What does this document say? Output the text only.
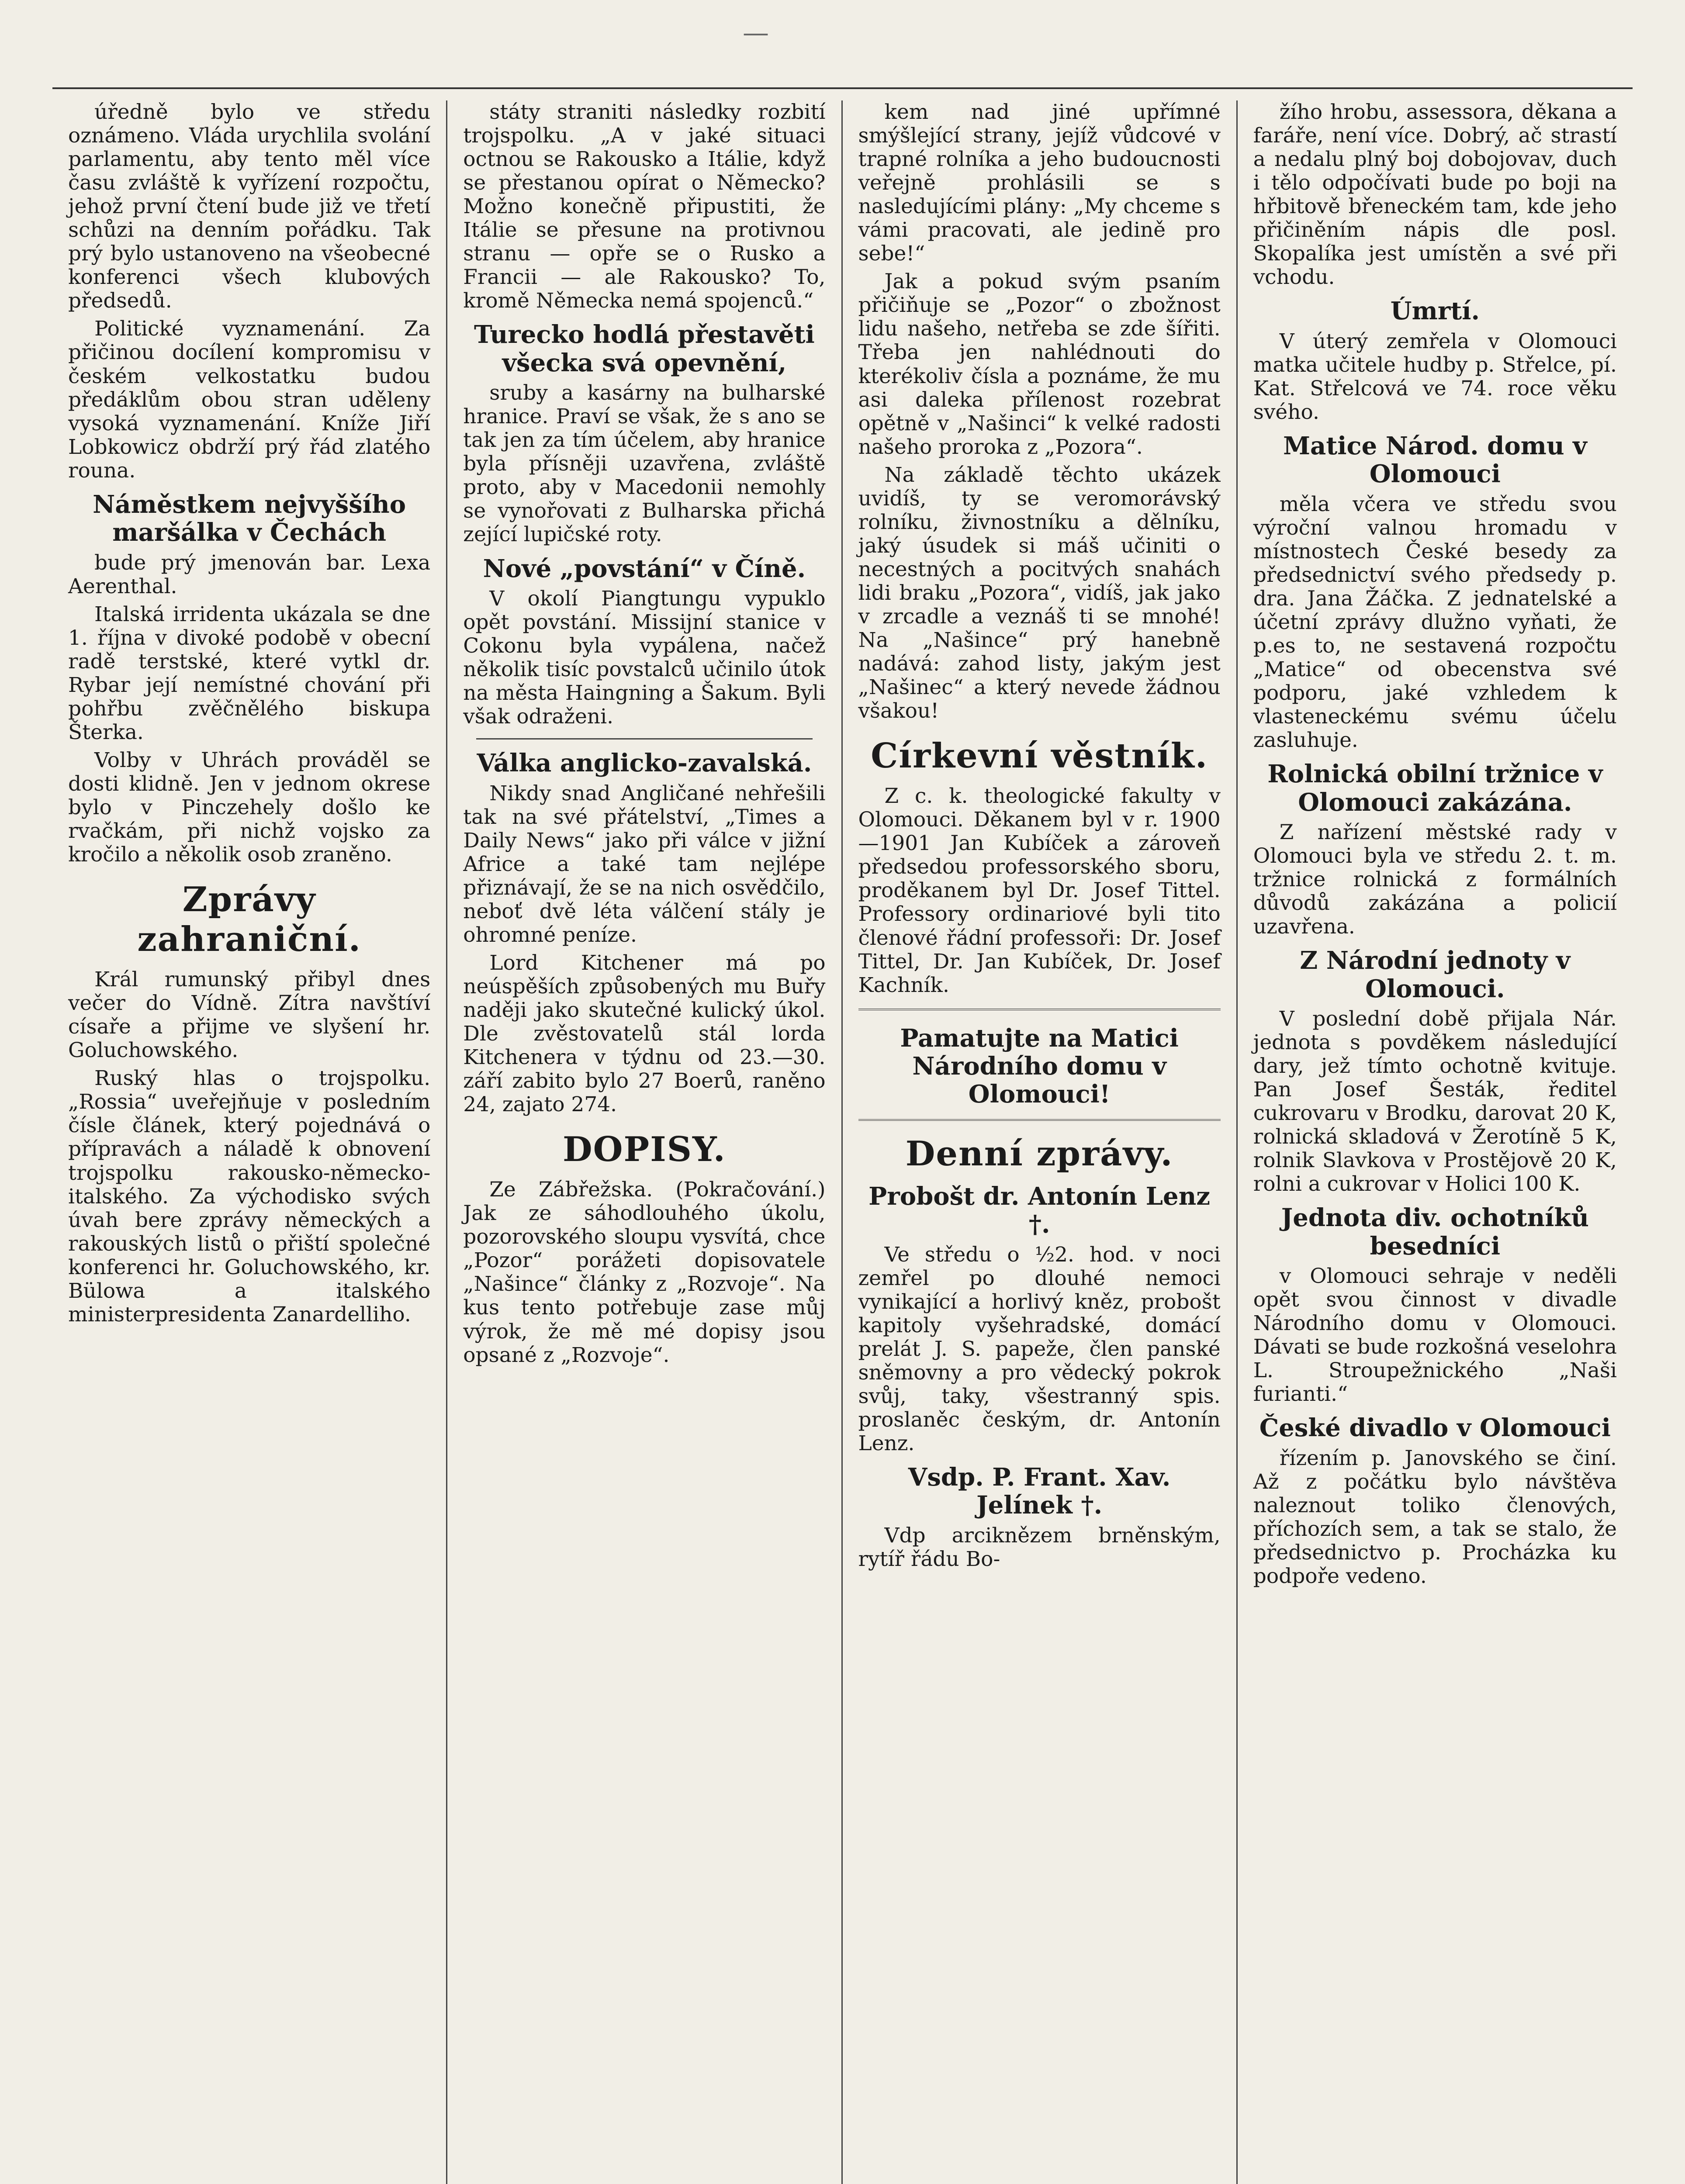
—

úředně bylo ve středu oznámeno. Vláda urychlila svolání parlamentu, aby tento měl více času zvláště k vyřízení rozpočtu, jehož první čtení bude již ve třetí schůzi na denním pořádku. Tak prý bylo ustanoveno na všeobecné konferenci všech klubových předsedů.

Politické vyznamenání. Za přičinou docílení kompromisu v českém velkostatku budou předáklům obou stran uděleny vysoká vyznamenání. Kníže Jiří Lobkowicz obdrží prý řád zlatého rouna.

Náměstkem nejvyššího maršálka v Čechách

bude prý jmenován bar. Lexa Aerenthal.

Italská irridenta ukázala se dne 1. října v divoké podobě v obecní radě terstské, které vytkl dr. Rybar její nemístné chování při pohřbu zvěčnělého biskupa Šterka.

Volby v Uhrách prováděl se dosti klidně. Jen v jednom okrese bylo v Pinczehely došlo ke rvačkám, při nichž vojsko za kročilo a několik osob zraněno.

Zprávy zahraniční.

Král rumunský přibyl dnes večer do Vídně. Zítra navštíví císaře a přijme ve slyšení hr. Goluchowského.

Ruský hlas o trojspolku. „Rossia“ uveřejňuje v posledním čísle článek, který pojednává o přípravách a náladě k obnovení trojspolku rakousko-německo-italského. Za východisko svých úvah bere zprávy německých a rakouských listů o přiští společné konferenci hr. Goluchowského, kr. Bülowa a italského ministerpresidenta Zanardelliho.

státy straniti následky rozbití trojspolku. „A v jaké situaci octnou se Rakousko a Itálie, když se přestanou opírat o Německo? Možno konečně připustiti, že Itálie se přesune na protivnou stranu — opře se o Rusko a Francii — ale Rakousko? To, kromě Německa nemá spojenců.“

Turecko hodlá přestavěti všecka svá opevnění,

sruby a kasárny na bulharské hranice. Praví se však, že s ano se tak jen za tím účelem, aby hranice byla přísněji uzavřena, zvláště proto, aby v Macedonii nemohly se vynořovati z Bulharska přichá zející lupičské roty.

Nové „povstání“ v Číně.

V okolí Piangtungu vypuklo opět povstání. Missijní stanice v Cokonu byla vypálena, načež několik tisíc povstalců učinilo útok na města Haingning a Šakum. Byli však odraženi.

Válka anglicko-zavalská.

Nikdy snad Angličané nehřešili tak na své přátelství, „Times a Daily News“ jako při válce v jižní Africe a také tam nejlépe přiznávají, že se na nich osvědčilo, neboť dvě léta válčení stály je ohromné peníze.

Lord Kitchener má po neúspěších způsobených mu Buřy naději jako skutečné kulický úkol. Dle zvěstovatelů stál lorda Kitchenera v týdnu od 23.—30. září zabito bylo 27 Boerů, raněno 24, zajato 274.

DOPISY.

Ze Zábřežska. (Pokračování.) Jak ze sáhodlouhého úkolu, pozorovského sloupu vysvítá, chce „Pozor“ porážeti dopisovatele „Našince“ články z „Rozvoje“. Na kus tento potřebuje zase můj výrok, že mě mé dopisy jsou opsané z „Rozvoje“.

kem nad jiné upřímné smýšlející strany, jejíž vůdcové v trapné rolníka a jeho budoucnosti veřejně prohlásili se s nasledujícími plány: „My chceme s vámi pracovati, ale jedině pro sebe!“

Jak a pokud svým psaním přičiňuje se „Pozor“ o zbožnost lidu našeho, netřeba se zde šířiti. Třeba jen nahlédnouti do kterékoliv čísla a poznáme, že mu asi daleka přílenost rozebrat opětně v „Našinci“ k velké radosti našeho proroka z „Pozora“.

Na základě těchto ukázek uvidíš, ty se veromorávský rolníku, živnostníku a dělníku, jaký úsudek si máš učiniti o necestných a pocitvých snahách lidi braku „Pozora“, vidíš, jak jako v zrcadle a veznáš ti se mnohé! Na „Našince“ prý hanebně nadává: zahod listy, jakým jest „Našinec“ a který nevede žádnou všakou!

Církevní věstník.

Z c. k. theologické fakulty v Olomouci. Děkanem byl v r. 1900—1901 Jan Kubíček a zároveň předsedou professorského sboru, proděkanem byl Dr. Josef Tittel. Professory ordinariové byli tito členové řádní professoři: Dr. Josef Tittel, Dr. Jan Kubíček, Dr. Josef Kachník.

Pamatujte na Matici Národního domu v Olomouci!

Denní zprávy.

Probošt dr. Antonín Lenz †.

Ve středu o ½2. hod. v noci zemřel po dlouhé nemoci vynikající a horlivý kněz, probošt kapitoly vyšehradské, domácí prelát J. S. papeže, člen panské sněmovny a pro vědecký pokrok svůj, taky, všestranný spis. proslaněc českým, dr. Antonín Lenz.

Vsdp. P. Frant. Xav. Jelínek †.

Vdp arciknězem brněnským, rytíř řádu Bo-

žího hrobu, assessora, děkana a faráře, není více. Dobrý, ač strastí a nedalu plný boj dobojovav, duch i tělo odpočívati bude po boji na hřbitově břeneckém tam, kde jeho přičiněním nápis dle posl. Skopalíka jest umístěn a své při vchodu.

Úmrtí.

V úterý zemřela v Olomouci matka učitele hudby p. Střelce, pí. Kat. Střelcová ve 74. roce věku svého.

Matice Národ. domu v Olomouci

měla včera ve středu svou výroční valnou hromadu v místnostech České besedy za předsednictví svého předsedy p. dra. Jana Žáčka. Z jednatelské a účetní zprávy dlužno vyňati, že p.es to, ne sestavená rozpočtu „Matice“ od obecenstva své podporu, jaké vzhledem k vlasteneckému svému účelu zasluhuje.

Rolnická obilní tržnice v Olomouci zakázána.

Z nařízení městské rady v Olomouci byla ve středu 2. t. m. tržnice rolnická z formálních důvodů zakázána a policií uzavřena.

Z Národní jednoty v Olomouci.

V poslední době přijala Nár. jednota s povděkem následující dary, jež tímto ochotně kvituje. Pan Josef Šesták, ředitel cukrovaru v Brodku, darovat 20 K, rolnická skladová v Žerotíně 5 K, rolnik Slavkova v Prostějově 20 K, rolni a cukrovar v Holici 100 K.

Jednota div. ochotníků besedníci

v Olomouci sehraje v neděli opět svou činnost v divadle Národního domu v Olomouci. Dávati se bude rozkošná veselohra L. Stroupežnického „Naši furianti.“

České divadlo v Olomouci

řízením p. Janovského se činí. Až z počátku bylo návštěva naleznout toliko členových, příchozích sem, a tak se stalo, že předsednictvo p. Procházka ku podpoře vedeno.
